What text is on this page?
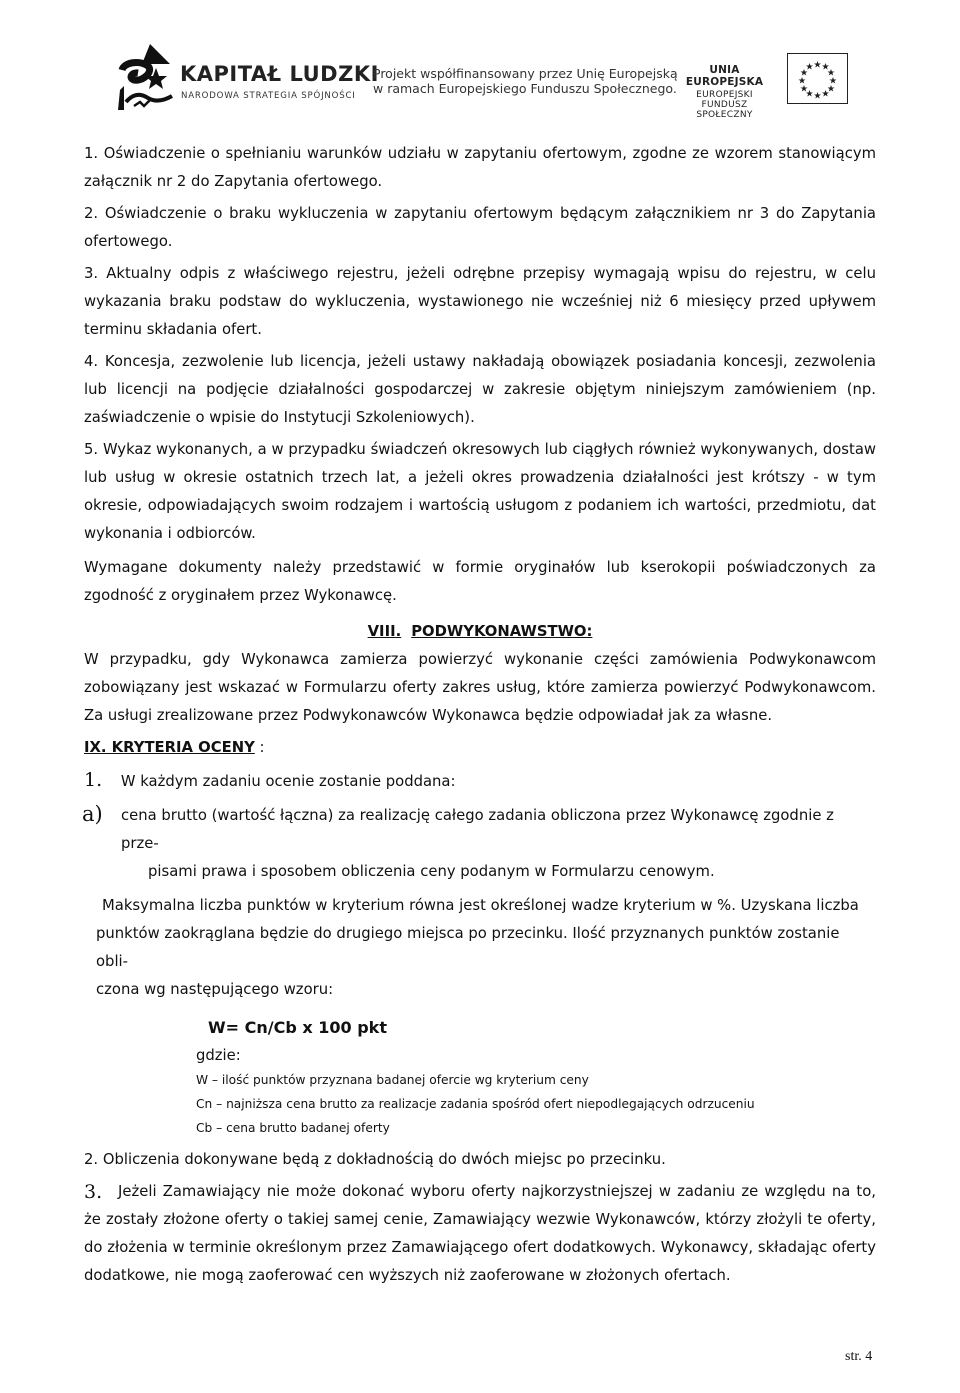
KAPITAŁ LUDZKI
NARODOWA STRATEGIA SPÓJNOŚCI
Projekt współfinansowany przez Unię Europejską
w ramach Europejskiego Funduszu Społecznego.
UNIA EUROPEJSKA
EUROPEJSKI
FUNDUSZ SPOŁECZNY

1. Oświadczenie o spełnianiu warunków udziału w zapytaniu ofertowym, zgodne ze wzorem stanowiącym załącznik nr 2 do Zapytania ofertowego.

2. Oświadczenie o braku wykluczenia w zapytaniu ofertowym będącym załącznikiem nr 3 do Zapytania ofertowego.

3. Aktualny odpis z właściwego rejestru, jeżeli odrębne przepisy wymagają wpisu do rejestru, w celu wykazania braku podstaw do wykluczenia, wystawionego nie wcześniej niż 6 miesięcy przed upływem terminu składania ofert.

4. Koncesja, zezwolenie lub licencja, jeżeli ustawy nakładają obowiązek posiadania koncesji, zezwolenia lub licencji na podjęcie działalności gospodarczej w zakresie objętym niniejszym zamówieniem (np. zaświadczenie o wpisie do Instytucji Szkoleniowych).

5. Wykaz wykonanych, a w przypadku świadczeń okresowych lub ciągłych również wykonywanych, dostaw lub usług w okresie ostatnich trzech lat, a jeżeli okres prowadzenia działalności jest krótszy - w tym okresie, odpowiadających swoim rodzajem i wartością usługom z podaniem ich wartości, przedmiotu, dat wykonania i odbiorców.

Wymagane dokumenty należy przedstawić w formie oryginałów lub kserokopii poświadczonych za zgodność z oryginałem przez Wykonawcę.

VIII. PODWYKONAWSTWO:

W przypadku, gdy Wykonawca zamierza powierzyć wykonanie części zamówienia Podwykonawcom zobowiązany jest wskazać w Formularzu oferty zakres usług, które zamierza powierzyć Podwykonawcom. Za usługi zrealizowane przez Podwykonawców Wykonawca będzie odpowiadał jak za własne.

IX. KRYTERIA OCENY :
1. W każdym zadaniu ocenie zostanie poddana:
a) cena brutto (wartość łączna) za realizację całego zadania obliczona przez Wykonawcę zgodnie z prze-
pisami prawa i sposobem obliczenia ceny podanym w Formularzu cenowym.
Maksymalna liczba punktów w kryterium równa jest określonej wadze kryterium w %. Uzyskana liczba
punktów zaokrąglana będzie do drugiego miejsca po przecinku. Ilość przyznanych punktów zostanie obli-
czona wg następującego wzoru:
W= Cn/Cb x 100 pkt
gdzie:
W – ilość punktów przyznana badanej ofercie wg kryterium ceny
Cn – najniższa cena brutto za realizacje zadania spośród ofert niepodlegających odrzuceniu
Cb – cena brutto badanej oferty

2. Obliczenia dokonywane będą z dokładnością do dwóch miejsc po przecinku.

3.	Jeżeli Zamawiający nie może dokonać wyboru oferty najkorzystniejszej w zadaniu ze względu na to, że zostały złożone oferty o takiej samej cenie, Zamawiający wezwie Wykonawców, którzy złożyli te oferty, do złożenia w terminie określonym przez Zamawiającego ofert dodatkowych. Wykonawcy, składając oferty dodatkowe, nie mogą zaoferować cen wyższych niż zaoferowane w złożonych ofertach.

str. 4
